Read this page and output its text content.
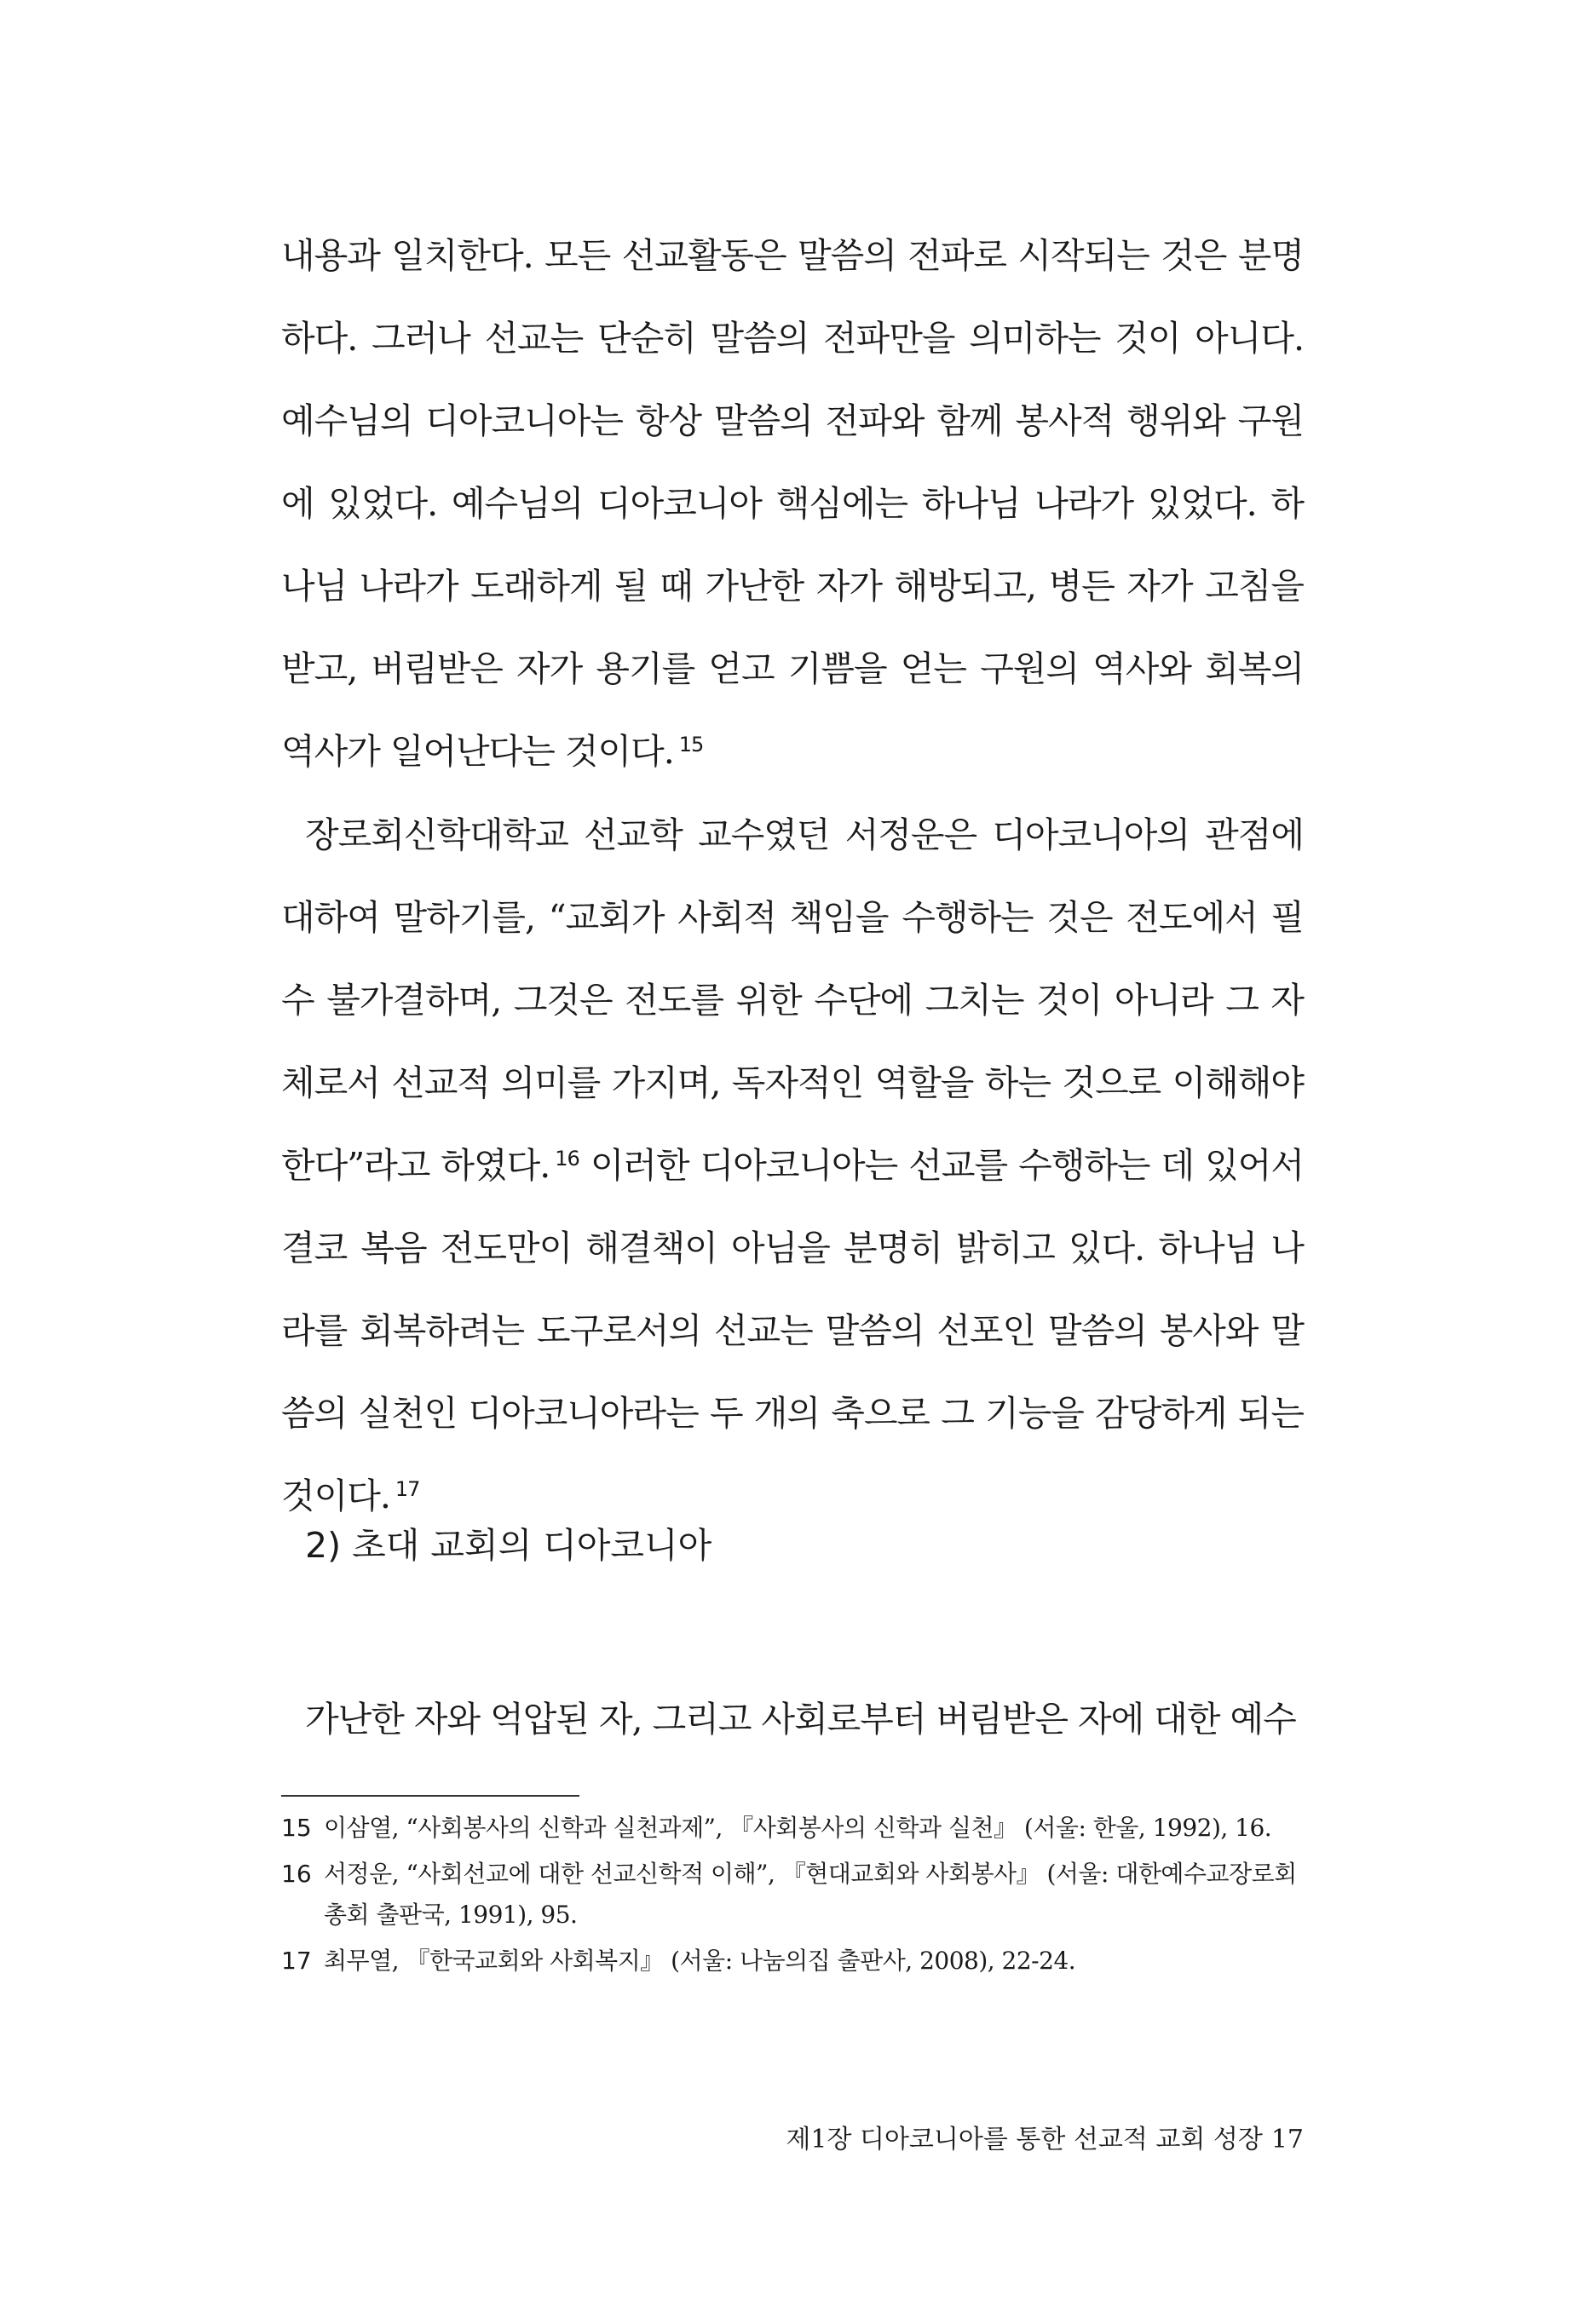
내용과 일치한다. 모든 선교활동은 말씀의 전파로 시작되는 것은 분명하다. 그러나 선교는 단순히 말씀의 전파만을 의미하는 것이 아니다. 예수님의 디아코니아는 항상 말씀의 전파와 함께 봉사적 행위와 구원에 있었다. 예수님의 디아코니아 핵심에는 하나님 나라가 있었다. 하나님 나라가 도래하게 될 때 가난한 자가 해방되고, 병든 자가 고침을 받고, 버림받은 자가 용기를 얻고 기쁨을 얻는 구원의 역사와 회복의 역사가 일어난다는 것이다. $^{15}$

장로회신학대학교 선교학 교수였던 서정운은 디아코니아의 관점에 대하여 말하기를, “교회가 사회적 책임을 수행하는 것은 전도에서 필수 불가결하며, 그것은 전도를 위한 수단에 그치는 것이 아니라 그 자체로서 선교적 의미를 가지며, 독자적인 역할을 하는 것으로 이해해야 한다”라고 하였다. $^{16}$ 이러한 디아코니아는 선교를 수행하는 데 있어서 결코 복음 전도만이 해결책이 아님을 분명히 밝히고 있다. 하나님 나라를 회복하려는 도구로서의 선교는 말씀의 선포인 말씀의 봉사와 말씀의 실천인 디아코니아라는 두 개의 축으로 그 기능을 감당하게 되는 것이다. $^{17}$

2) 초대 교회의 디아코니아

가난한 자와 억압된 자, 그리고 사회로부터 버림받은 자에 대한 예수

15 이삼열, “사회봉사의 신학과 실천과제”, 『사회봉사의 신학과 실천』 (서울: 한울, 1992), 16.
16 서정운, “사회선교에 대한 선교신학적 이해”, 『현대교회와 사회봉사』 (서울: 대한예수교장로회 총회 출판국, 1991), 95.
17 최무열, 『한국교회와 사회복지』 (서울: 나눔의집 출판사, 2008), 22-24.
제1장 디아코니아를 통한 선교적 교회 성장 17
